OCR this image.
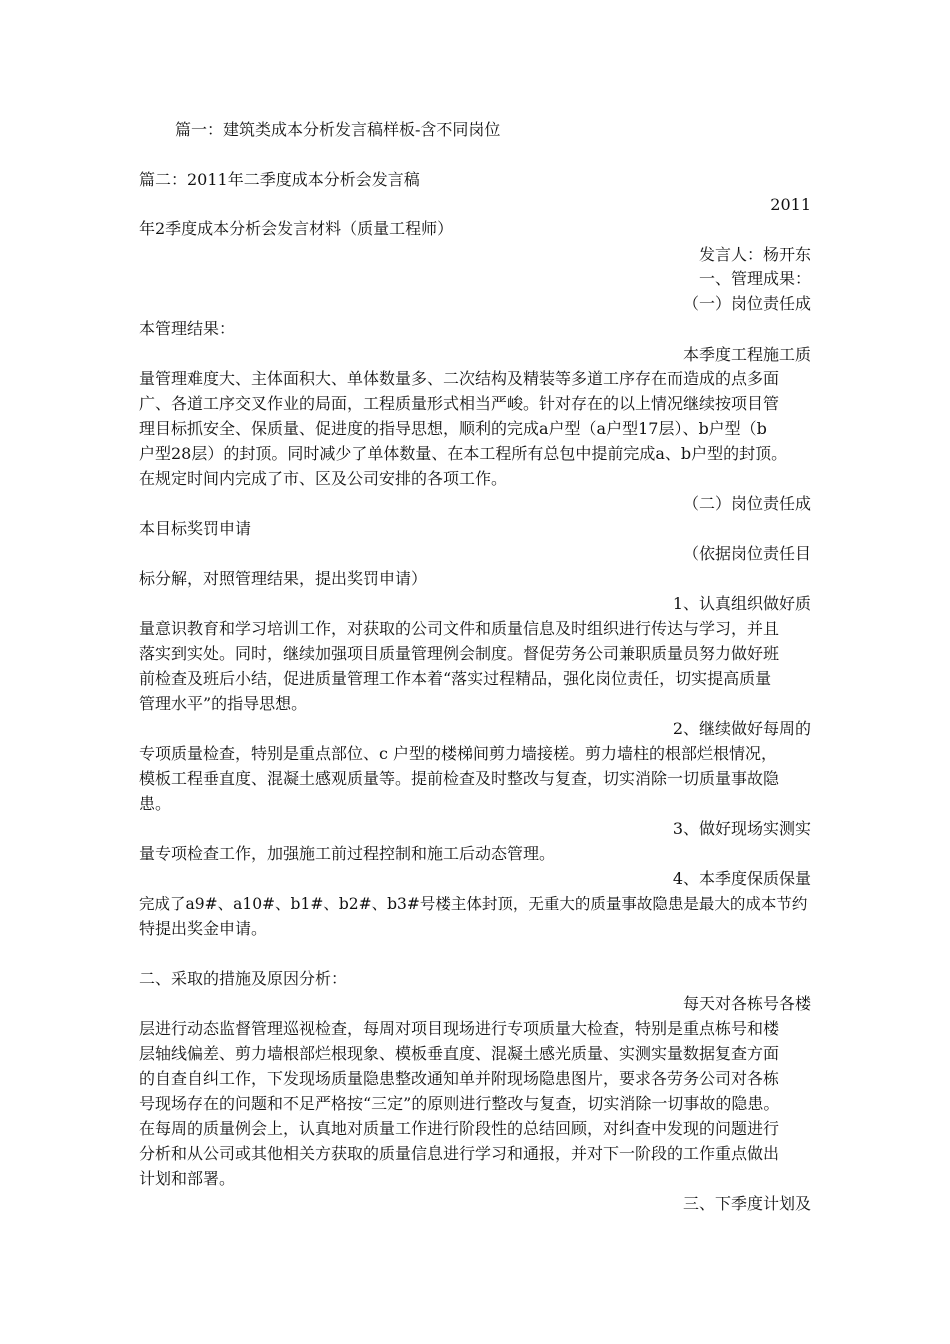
篇一：建筑类成本分析发言稿样板-含不同岗位
篇二：2011年二季度成本分析会发言稿
2011
年2季度成本分析会发言材料（质量工程师）
发言人：杨开东
一、管理成果：
（一）岗位责任成
本管理结果：
本季度工程施工质
量管理难度大、主体面积大、单体数量多、二次结构及精装等多道工序存在而造成的点多面
广、各道工序交叉作业的局面，工程质量形式相当严峻。针对存在的以上情况继续按项目管
理目标抓安全、保质量、促进度的指导思想，顺利的完成a户型（a户型17层）、b户型（b
户型28层）的封顶。同时减少了单体数量、在本工程所有总包中提前完成a、b户型的封顶。
在规定时间内完成了市、区及公司安排的各项工作。
（二）岗位责任成
本目标奖罚申请
（依据岗位责任目
标分解，对照管理结果，提出奖罚申请）
1、认真组织做好质
量意识教育和学习培训工作，对获取的公司文件和质量信息及时组织进行传达与学习，并且
落实到实处。同时，继续加强项目质量管理例会制度。督促劳务公司兼职质量员努力做好班
前检查及班后小结，促进质量管理工作本着“落实过程精品，强化岗位责任，切实提高质量
管理水平”的指导思想。
2、继续做好每周的
专项质量检查，特别是重点部位、c 户型的楼梯间剪力墙接槎。剪力墙柱的根部烂根情况，
模板工程垂直度、混凝土感观质量等。提前检查及时整改与复查，切实消除一切质量事故隐
患。
3、做好现场实测实
量专项检查工作，加强施工前过程控制和施工后动态管理。
4、本季度保质保量
完成了a9#、a10#、b1#、b2#、b3#号楼主体封顶，无重大的质量事故隐患是最大的成本节约
特提出奖金申请。
二、采取的措施及原因分析：
每天对各栋号各楼
层进行动态监督管理巡视检查，每周对项目现场进行专项质量大检查，特别是重点栋号和楼
层轴线偏差、剪力墙根部烂根现象、模板垂直度、混凝土感光质量、实测实量数据复查方面
的自查自纠工作，下发现场质量隐患整改通知单并附现场隐患图片，要求各劳务公司对各栋
号现场存在的问题和不足严格按“三定”的原则进行整改与复查，切实消除一切事故的隐患。
在每周的质量例会上，认真地对质量工作进行阶段性的总结回顾，对纠查中发现的问题进行
分析和从公司或其他相关方获取的质量信息进行学习和通报，并对下一阶段的工作重点做出
计划和部署。
三、下季度计划及
